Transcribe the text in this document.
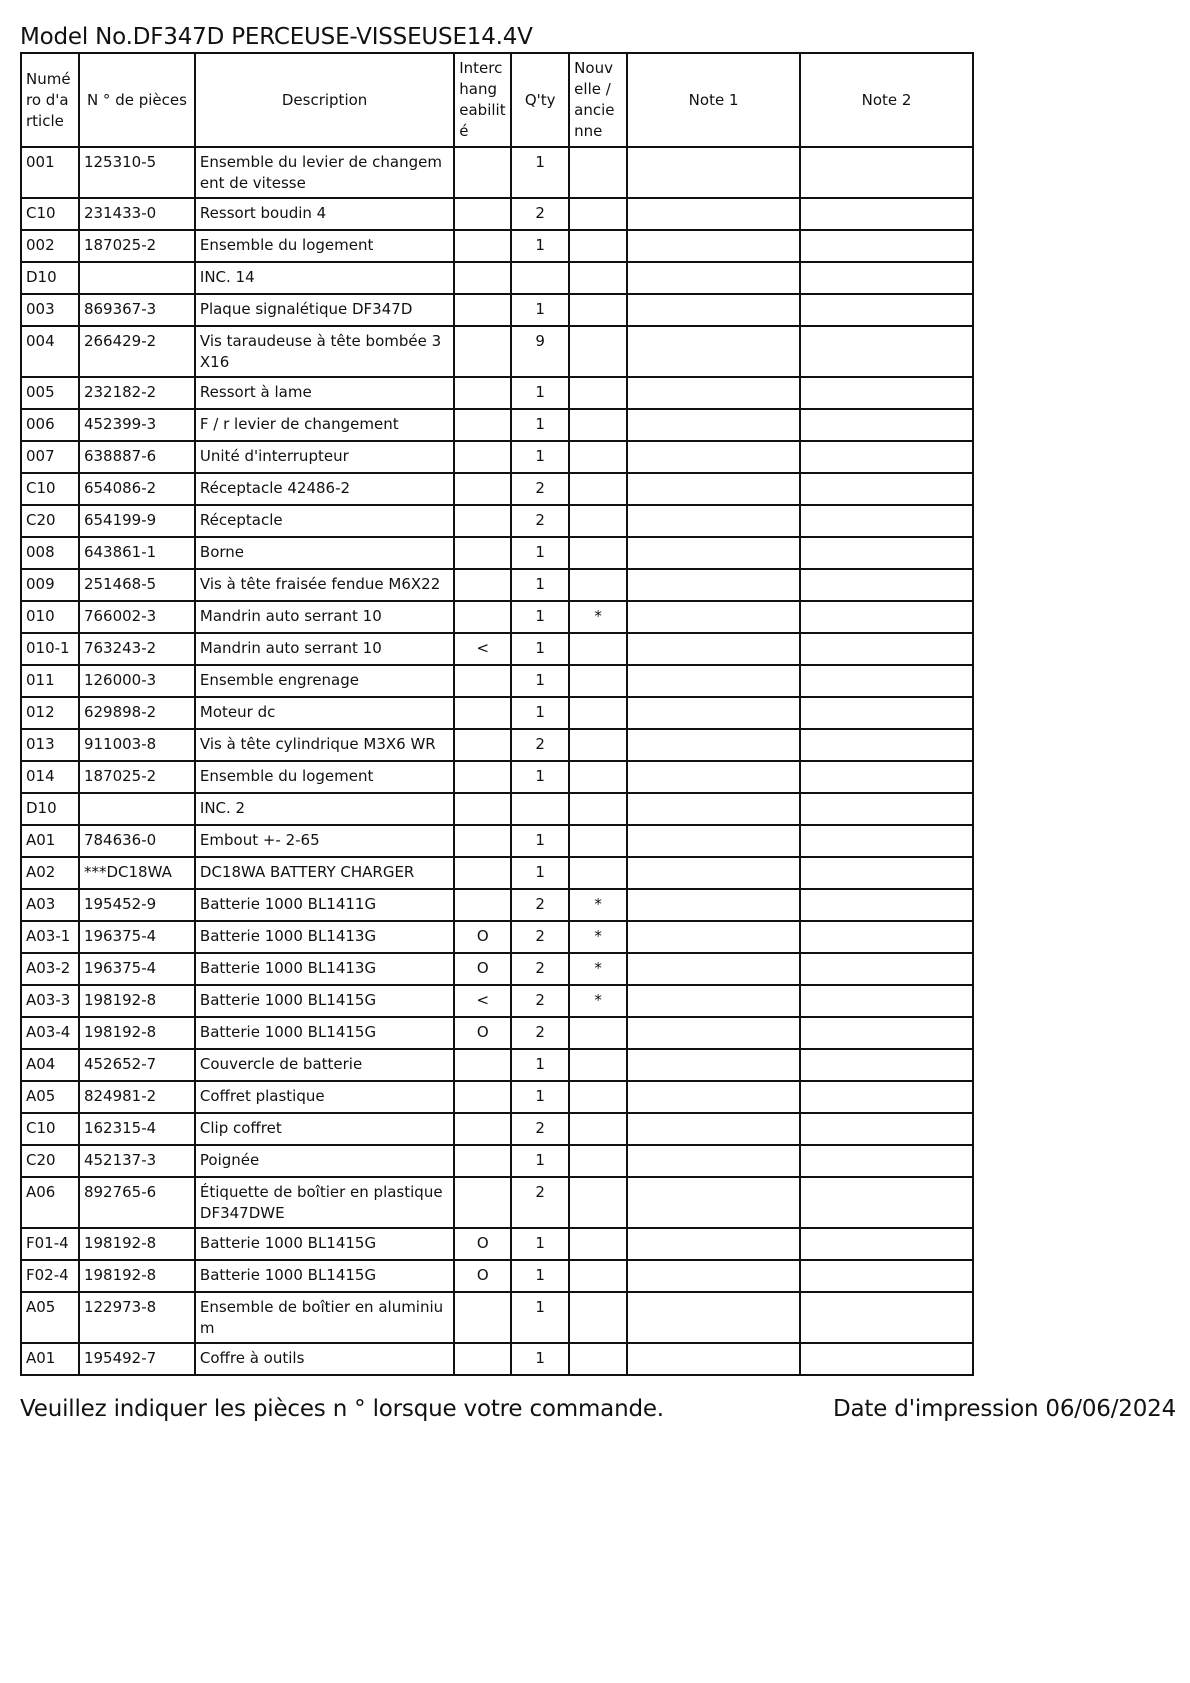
Model No.DF347D PERCEUSE-VISSEUSE14.4V
Numé ro d'a rticle	N ° de pièces	Description	Interc hang eabilit é	Q'ty	Nouv elle / ancie nne	Note 1	Note 2
001	125310-5	Ensemble du levier de changement de vitesse		1			
C10	231433-0	Ressort boudin 4		2			
002	187025-2	Ensemble du logement		1			
D10		INC. 14					
003	869367-3	Plaque signalétique DF347D		1			
004	266429-2	Vis taraudeuse à tête bombée 3X16		9			
005	232182-2	Ressort à lame		1			
006	452399-3	F / r levier de changement		1			
007	638887-6	Unité d'interrupteur		1			
C10	654086-2	Réceptacle 42486-2		2			
C20	654199-9	Réceptacle		2			
008	643861-1	Borne		1			
009	251468-5	Vis à tête fraisée fendue M6X22		1			
010	766002-3	Mandrin auto serrant 10		1	*		
010-1	763243-2	Mandrin auto serrant 10	<	1			
011	126000-3	Ensemble engrenage		1			
012	629898-2	Moteur dc		1			
013	911003-8	Vis à tête cylindrique M3X6 WR		2			
014	187025-2	Ensemble du logement		1			
D10		INC. 2					
A01	784636-0	Embout +- 2-65		1			
A02	***DC18WA	DC18WA BATTERY CHARGER		1			
A03	195452-9	Batterie 1000 BL1411G		2	*		
A03-1	196375-4	Batterie 1000 BL1413G	O	2	*		
A03-2	196375-4	Batterie 1000 BL1413G	O	2	*		
A03-3	198192-8	Batterie 1000 BL1415G	<	2	*		
A03-4	198192-8	Batterie 1000 BL1415G	O	2			
A04	452652-7	Couvercle de batterie		1			
A05	824981-2	Coffret plastique		1			
C10	162315-4	Clip coffret		2			
C20	452137-3	Poignée		1			
A06	892765-6	Étiquette de boîtier en plastique DF347DWE		2			
F01-4	198192-8	Batterie 1000 BL1415G	O	1			
F02-4	198192-8	Batterie 1000 BL1415G	O	1			
A05	122973-8	Ensemble de boîtier en aluminium		1			
A01	195492-7	Coffre à outils		1			
Veuillez indiquer les pièces n ° lorsque votre commande.	Date d'impression 06/06/2024
